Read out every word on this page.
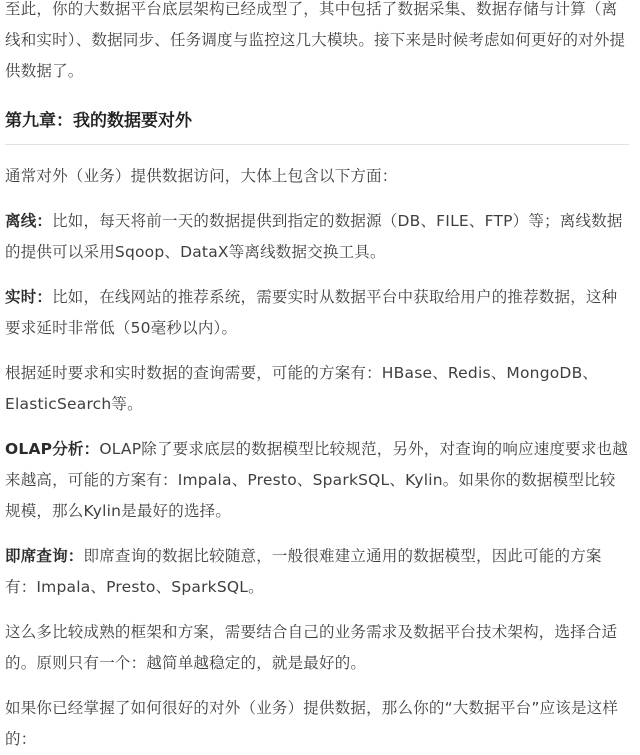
至此，你的大数据平台底层架构已经成型了，其中包括了数据采集、数据存储与计算（离线和实时）、数据同步、任务调度与监控这几大模块。接下来是时候考虑如何更好的对外提供数据了。

第九章：我的数据要对外

通常对外（业务）提供数据访问，大体上包含以下方面：

离线：比如，每天将前一天的数据提供到指定的数据源（DB、FILE、FTP）等；离线数据的提供可以采用Sqoop、DataX等离线数据交换工具。

实时：比如，在线网站的推荐系统，需要实时从数据平台中获取给用户的推荐数据，这种要求延时非常低（50毫秒以内）。

根据延时要求和实时数据的查询需要，可能的方案有：HBase、Redis、MongoDB、ElasticSearch等。

OLAP分析：OLAP除了要求底层的数据模型比较规范，另外，对查询的响应速度要求也越来越高，可能的方案有：Impala、Presto、SparkSQL、Kylin。如果你的数据模型比较规模，那么Kylin是最好的选择。

即席查询：即席查询的数据比较随意，一般很难建立通用的数据模型，因此可能的方案有：Impala、Presto、SparkSQL。

这么多比较成熟的框架和方案，需要结合自己的业务需求及数据平台技术架构，选择合适的。原则只有一个：越简单越稳定的，就是最好的。

如果你已经掌握了如何很好的对外（业务）提供数据，那么你的“大数据平台”应该是这样的：
